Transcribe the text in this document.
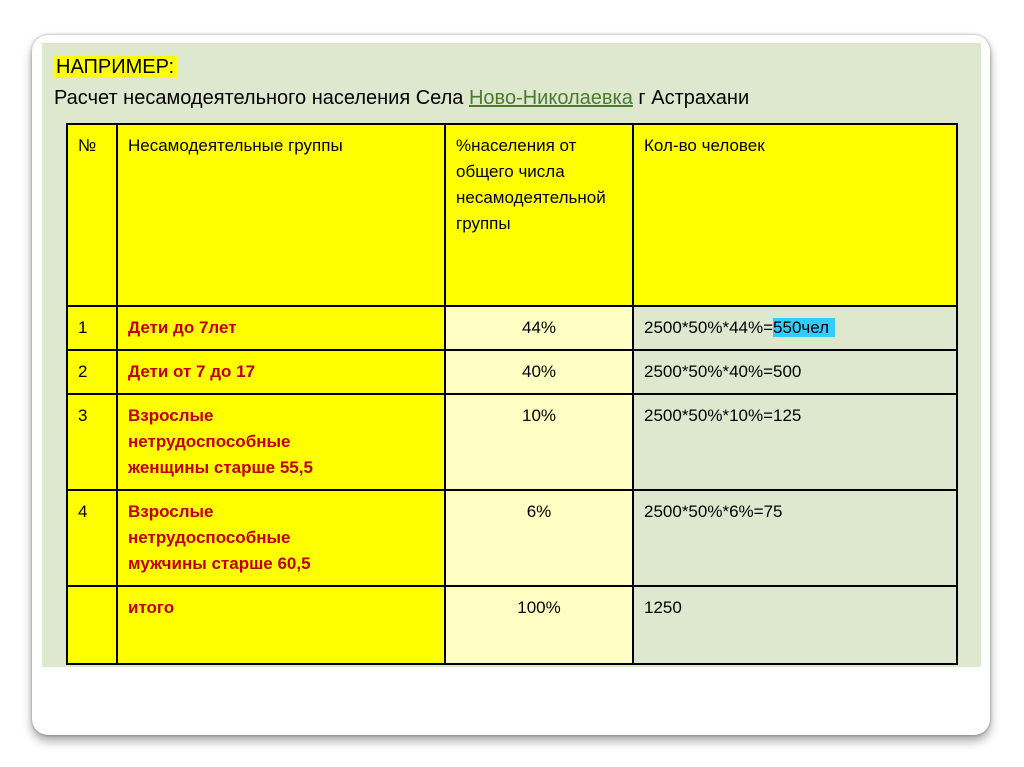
НАПРИМЕР:
Расчет несамодеятельного населения Села Ново-Николаевка г Астрахани
№	Несамодеятельные группы	%населения от общего числа несамодеятельной группы	Кол-во человек
1	Дети до 7лет	44%	2500*50%*44%=550чел
2	Дети от 7 до 17	40%	2500*50%*40%=500
3	Взрослые
нетрудоспособные
женщины старше 55,5	10%	2500*50%*10%=125
4	Взрослые
нетрудоспособные
мужчины старше 60,5	6%	2500*50%*6%=75
	итого	100%	1250
